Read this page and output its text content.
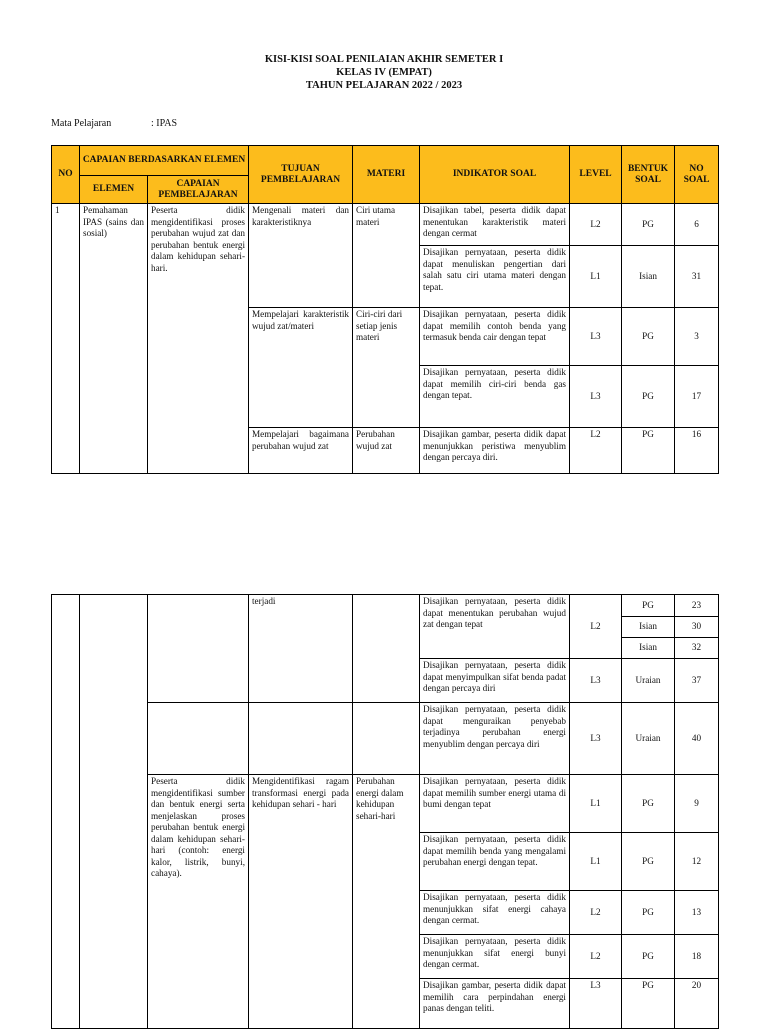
KISI-KISI SOAL PENILAIAN AKHIR SEMETER I
KELAS IV (EMPAT)
TAHUN PELAJARAN 2022 / 2023
Mata Pelajaran	: IPAS
NO	CAPAIAN BERDASARKAN ELEMEN		TUJUAN PEMBELAJARAN	MATERI	INDIKATOR SOAL	LEVEL	BENTUK SOAL	NO SOAL
	ELEMEN	CAPAIAN PEMBELAJARAN						
1	Pemahaman IPAS (sains dan sosial)	Peserta didik mengidentifikasi proses perubahan wujud zat dan perubahan bentuk energi dalam kehidupan sehari-hari.	Mengenali materi dan karakteristiknya	Ciri utama materi	Disajikan tabel, peserta didik dapat menentukan karakteristik materi dengan cermat	L2	PG	6
					Disajikan pernyataan, peserta didik dapat menuliskan pengertian dari salah satu ciri utama materi dengan tepat.	L1	Isian	31
			Mempelajari karakteristik wujud zat/materi	Ciri-ciri dari setiap jenis materi	Disajikan pernyataan, peserta didik dapat memilih contoh benda yang termasuk benda cair dengan tepat	L3	PG	3
					Disajikan pernyataan, peserta didik dapat memilih ciri-ciri benda gas dengan tepat.	L3	PG	17
			Mempelajari bagaimana perubahan wujud zat	Perubahan wujud zat	Disajikan gambar, peserta didik dapat menunjukkan peristiwa menyublim dengan percaya diri.	L2	PG	16
			terjadi		Disajikan pernyataan, peserta didik dapat menentukan perubahan wujud zat dengan tepat	L2	PG	23
							Isian	30
							Isian	32
					Disajikan pernyataan, peserta didik dapat menyimpulkan sifat benda padat dengan percaya diri	L3	Uraian	37
					Disajikan pernyataan, peserta didik dapat menguraikan penyebab terjadinya perubahan energi menyublim dengan percaya diri	L3	Uraian	40
		Peserta didik mengidentifikasi sumber dan bentuk energi serta menjelaskan proses perubahan bentuk energi dalam kehidupan sehari-hari (contoh: energi kalor, listrik, bunyi, cahaya).	Mengidentifikasi ragam transformasi energi pada kehidupan sehari - hari	Perubahan energi dalam kehidupan sehari-hari	Disajikan pernyataan, peserta didik dapat memilih sumber energi utama di bumi dengan tepat	L1	PG	9
					Disajikan pernyataan, peserta didik dapat memilih benda yang mengalami perubahan energi dengan tepat.	L1	PG	12
					Disajikan pernyataan, peserta didik menunjukkan sifat energi cahaya dengan cermat.	L2	PG	13
					Disajikan pernyataan, peserta didik menunjukkan sifat energi bunyi dengan cermat.	L2	PG	18
					Disajikan gambar, peserta didik dapat memilih cara perpindahan energi panas dengan teliti.	L3	PG	20
